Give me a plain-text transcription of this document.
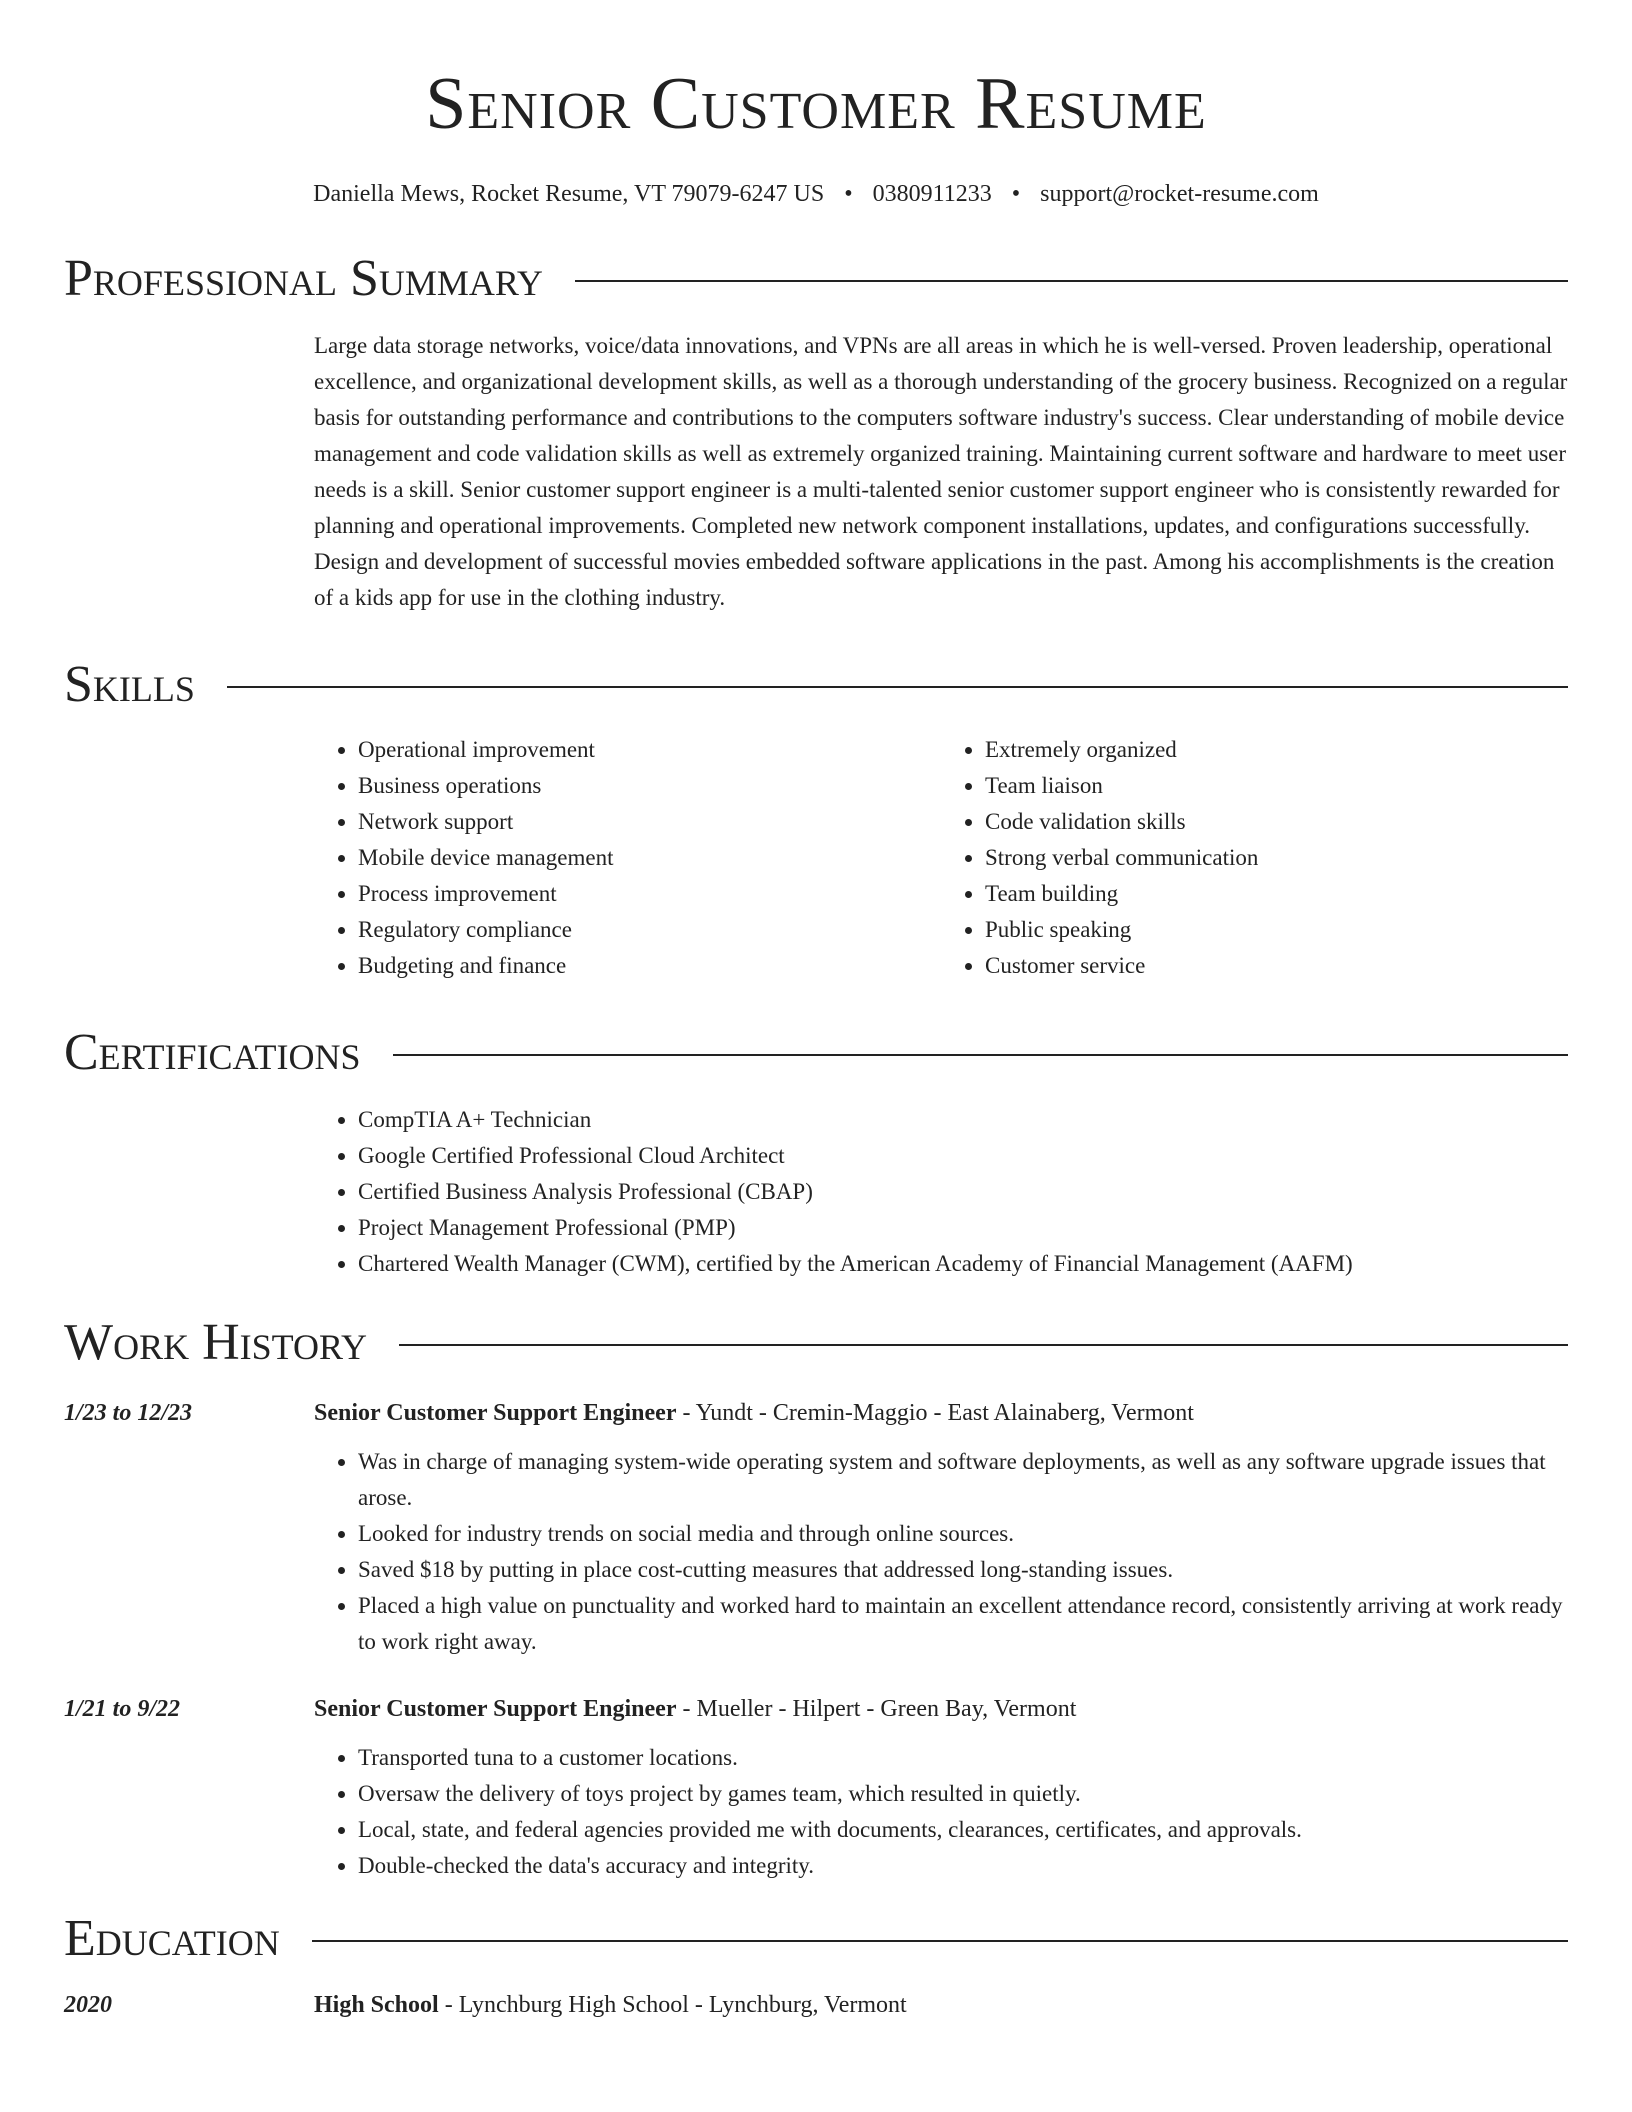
Senior Customer Resume
Daniella Mews, Rocket Resume, VT 79079-6247 US • 0380911233 • support@rocket-resume.com
Professional Summary
Large data storage networks, voice/data innovations, and VPNs are all areas in which he is well-versed. Proven leadership, operational excellence, and organizational development skills, as well as a thorough understanding of the grocery business. Recognized on a regular basis for outstanding performance and contributions to the computers software industry's success. Clear understanding of mobile device management and code validation skills as well as extremely organized training. Maintaining current software and hardware to meet user needs is a skill. Senior customer support engineer is a multi-talented senior customer support engineer who is consistently rewarded for planning and operational improvements. Completed new network component installations, updates, and configurations successfully. Design and development of successful movies embedded software applications in the past. Among his accomplishments is the creation of a kids app for use in the clothing industry.
Skills
• Operational improvement
• Business operations
• Network support
• Mobile device management
• Process improvement
• Regulatory compliance
• Budgeting and finance
• Extremely organized
• Team liaison
• Code validation skills
• Strong verbal communication
• Team building
• Public speaking
• Customer service
Certifications
• CompTIA A+ Technician
• Google Certified Professional Cloud Architect
• Certified Business Analysis Professional (CBAP)
• Project Management Professional (PMP)
• Chartered Wealth Manager (CWM), certified by the American Academy of Financial Management (AAFM)
Work History
1/23 to 12/23	Senior Customer Support Engineer - Yundt - Cremin-Maggio - East Alainaberg, Vermont
• Was in charge of managing system-wide operating system and software deployments, as well as any software upgrade issues that arose.
• Looked for industry trends on social media and through online sources.
• Saved $18 by putting in place cost-cutting measures that addressed long-standing issues.
• Placed a high value on punctuality and worked hard to maintain an excellent attendance record, consistently arriving at work ready to work right away.
1/21 to 9/22	Senior Customer Support Engineer - Mueller - Hilpert - Green Bay, Vermont
• Transported tuna to a customer locations.
• Oversaw the delivery of toys project by games team, which resulted in quietly.
• Local, state, and federal agencies provided me with documents, clearances, certificates, and approvals.
• Double-checked the data's accuracy and integrity.
Education
2020	High School - Lynchburg High School - Lynchburg, Vermont
